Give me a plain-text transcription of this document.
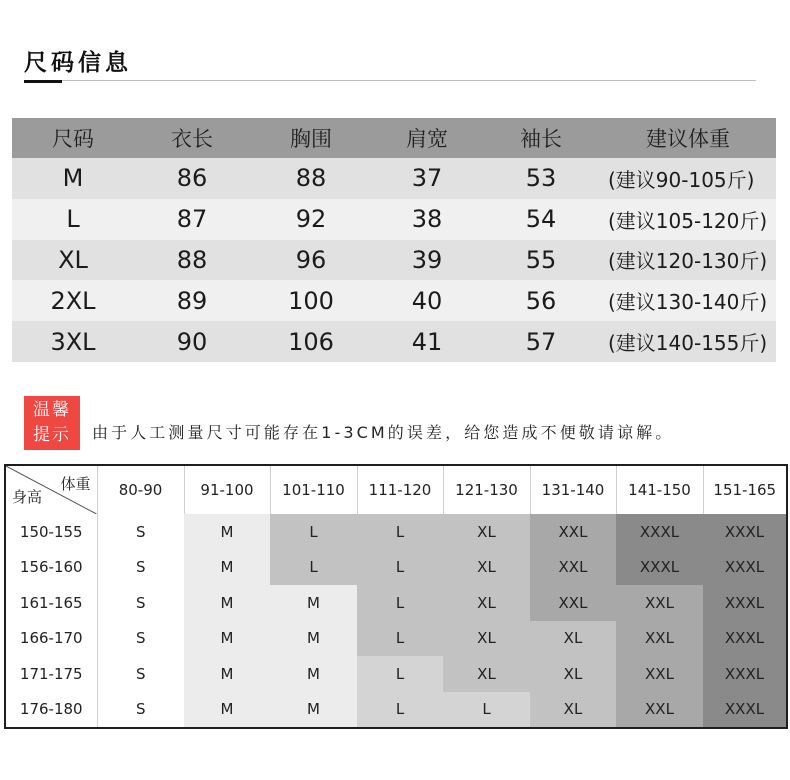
尺码信息
尺码	衣长	胸围	肩宽	袖长	建议体重
M	86	88	37	53	(建议90-105斤)
L	87	92	38	54	(建议105-120斤)
XL	88	96	39	55	(建议120-130斤)
2XL	89	100	40	56	(建议130-140斤)
3XL	90	106	41	57	(建议140-155斤)
温馨
提示	由于人工测量尺寸可能存在1-3CM的误差，给您造成不便敬请谅解。
体重
身高	80-90	91-100	101-110	111-120	121-130	131-140	141-150	151-165
150-155	S	M	L	L	XL	XXL	XXXL	XXXL
156-160	S	M	L	L	XL	XXL	XXXL	XXXL
161-165	S	M	M	L	XL	XXL	XXL	XXXL
166-170	S	M	M	L	XL	XL	XXL	XXXL
171-175	S	M	M	L	XL	XL	XXL	XXXL
176-180	S	M	M	L	L	XL	XXL	XXXL
